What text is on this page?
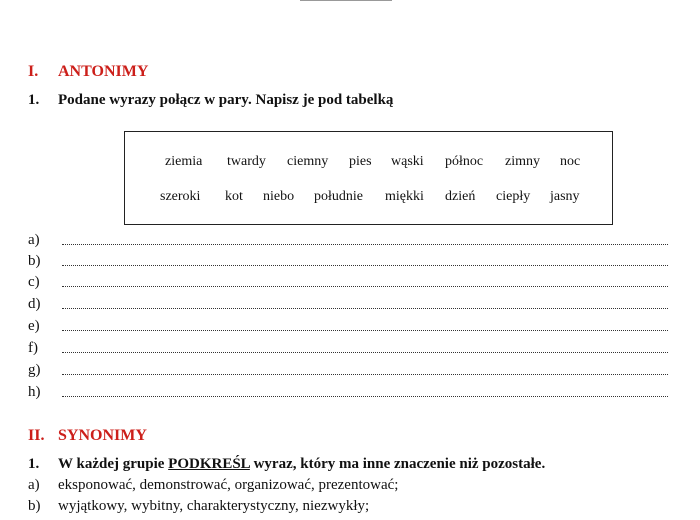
I. ANTONIMY
1. Podane wyrazy połącz w pary. Napisz je pod tabelką
ziemia twardy ciemny pies wąski północ zimny noc
szeroki kot niebo południe miękki dzień ciepły jasny
a)
b)
c)
d)
e)
f)
g)
h)
II. SYNONIMY
1. W każdej grupie PODKREŚL wyraz, który ma inne znaczenie niż pozostałe.
a) eksponować, demonstrować, organizować, prezentować;
b) wyjątkowy, wybitny, charakterystyczny, niezwykły;
